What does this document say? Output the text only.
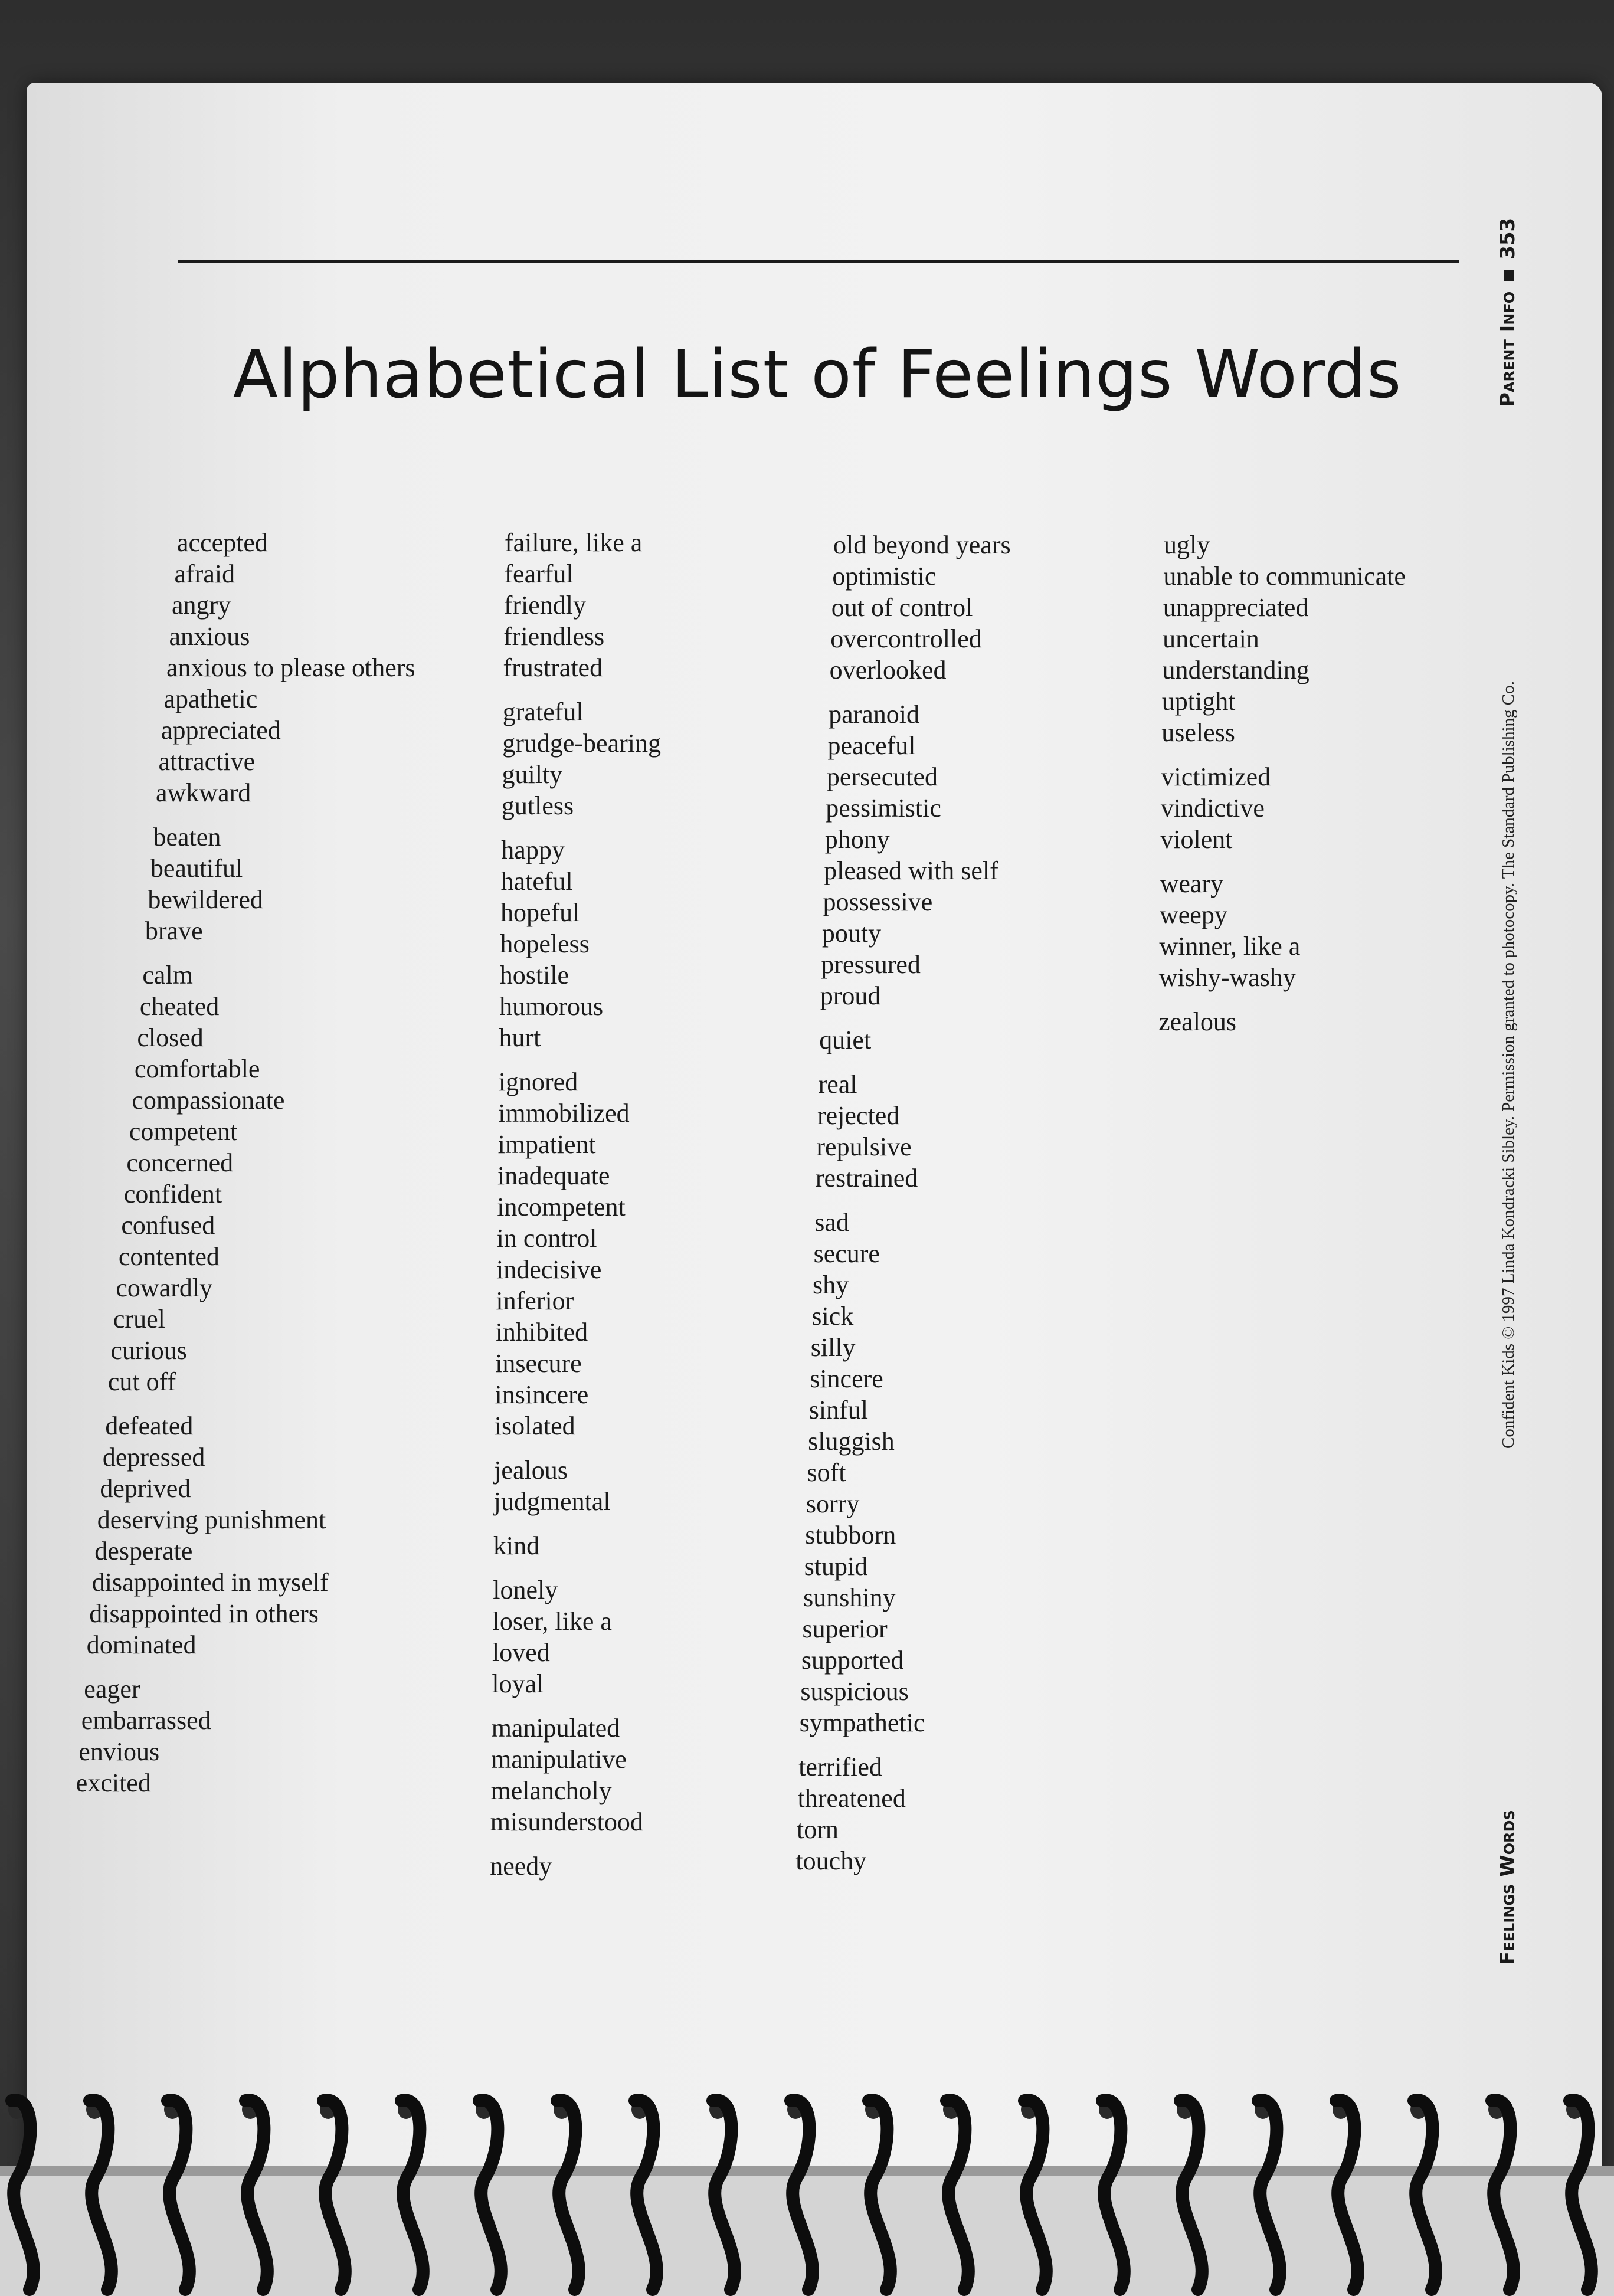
Alphabetical List of Feelings Words	Parent Info353
Confident Kids © 1997 Linda Kondracki Sibley. Permission granted to photocopy. The Standard Publishing Co.
Feelings Words
accepted
afraid
angry
anxious
anxious to please others
apathetic
appreciated
attractive
awkward
beaten
beautiful
bewildered
brave
calm
cheated
closed
comfortable
compassionate
competent
concerned
confident
confused
contented
cowardly
cruel
curious
cut off
defeated
depressed
deprived
deserving punishment
desperate
disappointed in myself
disappointed in others
dominated
eager
embarrassed
envious
excited
failure, like a
fearful
friendly
friendless
frustrated
grateful
grudge-bearing
guilty
gutless
happy
hateful
hopeful
hopeless
hostile
humorous
hurt
ignored
immobilized
impatient
inadequate
incompetent
in control
indecisive
inferior
inhibited
insecure
insincere
isolated
jealous
judgmental
kind
lonely
loser, like a
loved
loyal
manipulated
manipulative
melancholy
misunderstood
needy
old beyond years
optimistic
out of control
overcontrolled
overlooked
paranoid
peaceful
persecuted
pessimistic
phony
pleased with self
possessive
pouty
pressured
proud
quiet
real
rejected
repulsive
restrained
sad
secure
shy
sick
silly
sincere
sinful
sluggish
soft
sorry
stubborn
stupid
sunshiny
superior
supported
suspicious
sympathetic
terrified
threatened
torn
touchy
ugly
unable to communicate
unappreciated
uncertain
understanding
uptight
useless
victimized
vindictive
violent
weary
weepy
winner, like a
wishy-washy
zealous
